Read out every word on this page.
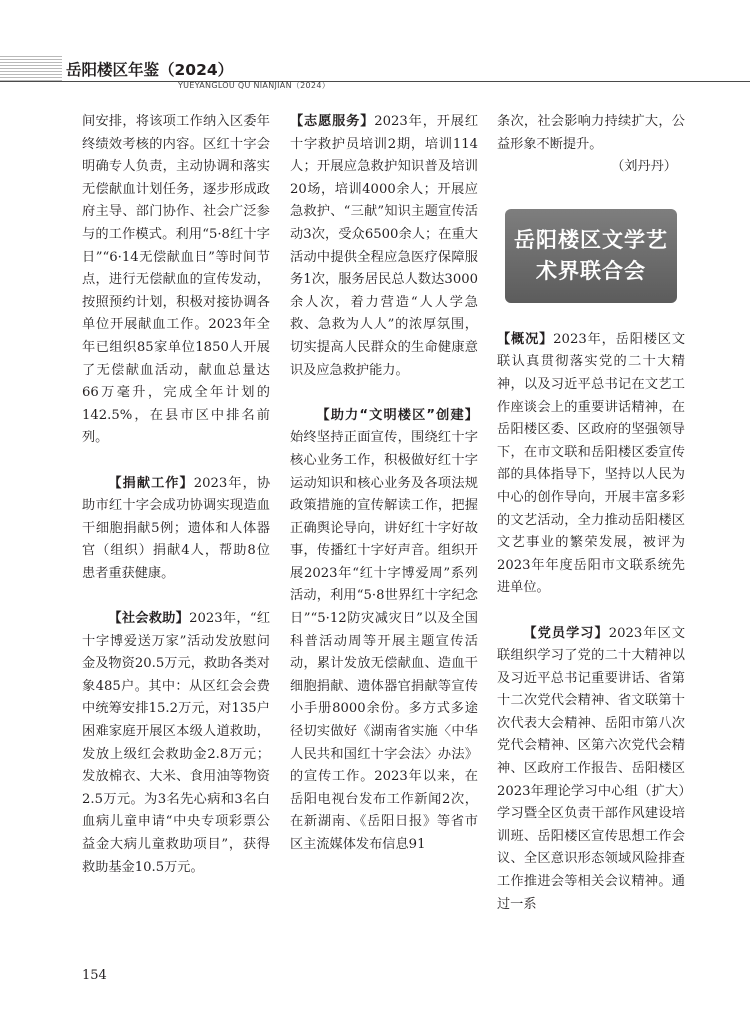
岳阳楼区年鉴（2024）
YUEYANGLOU QU NIANJIAN（2024）

间安排，将该项工作纳入区委年终绩效考核的内容。区红十字会明确专人负责，主动协调和落实无偿献血计划任务，逐步形成政府主导、部门协作、社会广泛参与的工作模式。利用“5·8红十字日”“6·14无偿献血日”等时间节点，进行无偿献血的宣传发动，按照预约计划，积极对接协调各单位开展献血工作。2023年全年已组织85家单位1850人开展了无偿献血活动，献血总量达66万毫升，完成全年计划的142.5%，在县市区中排名前列。

【捐献工作】2023年，协助市红十字会成功协调实现造血干细胞捐献5例；遗体和人体器官（组织）捐献4人，帮助8位患者重获健康。

【社会救助】2023年，“红十字博爱送万家”活动发放慰问金及物资20.5万元，救助各类对象485户。其中：从区红会会费中统筹安排15.2万元，对135户困难家庭开展区本级人道救助，发放上级红会救助金2.8万元；发放棉衣、大米、食用油等物资2.5万元。为3名先心病和3名白血病儿童申请“中央专项彩票公益金大病儿童救助项目”，获得救助基金10.5万元。

【志愿服务】2023年，开展红十字救护员培训2期，培训114人；开展应急救护知识普及培训20场，培训4000余人；开展应急救护、“三献”知识主题宣传活动3次，受众6500余人；在重大活动中提供全程应急医疗保障服务1次，服务居民总人数达3000余人次，着力营造“人人学急救、急救为人人”的浓厚氛围，切实提高人民群众的生命健康意识及应急救护能力。

【助力“文明楼区”创建】始终坚持正面宣传，围绕红十字核心业务工作，积极做好红十字运动知识和核心业务及各项法规政策措施的宣传解读工作，把握正确舆论导向，讲好红十字好故事，传播红十字好声音。组织开展2023年“红十字博爱周”系列活动，利用“5·8世界红十字纪念日”“5·12防灾减灾日”以及全国科普活动周等开展主题宣传活动，累计发放无偿献血、造血干细胞捐献、遗体器官捐献等宣传小手册8000余份。多方式多途径切实做好《湖南省实施〈中华人民共和国红十字会法〉办法》的宣传工作。2023年以来，在岳阳电视台发布工作新闻2次，在新湖南、《岳阳日报》等省市区主流媒体发布信息91

条次，社会影响力持续扩大，公益形象不断提升。

（刘丹丹）

岳阳楼区文学艺
术界联合会

【概况】2023年，岳阳楼区文联认真贯彻落实党的二十大精神，以及习近平总书记在文艺工作座谈会上的重要讲话精神，在岳阳楼区委、区政府的坚强领导下，在市文联和岳阳楼区委宣传部的具体指导下，坚持以人民为中心的创作导向，开展丰富多彩的文艺活动，全力推动岳阳楼区文艺事业的繁荣发展，被评为2023年年度岳阳市文联系统先进单位。

【党员学习】2023年区文联组织学习了党的二十大精神以及习近平总书记重要讲话、省第十二次党代会精神、省文联第十次代表大会精神、岳阳市第八次党代会精神、区第六次党代会精神、区政府工作报告、岳阳楼区2023年理论学习中心组（扩大）学习暨全区负责干部作风建设培训班、岳阳楼区宣传思想工作会议、全区意识形态领域风险排查工作推进会等相关会议精神。通过一系

154
